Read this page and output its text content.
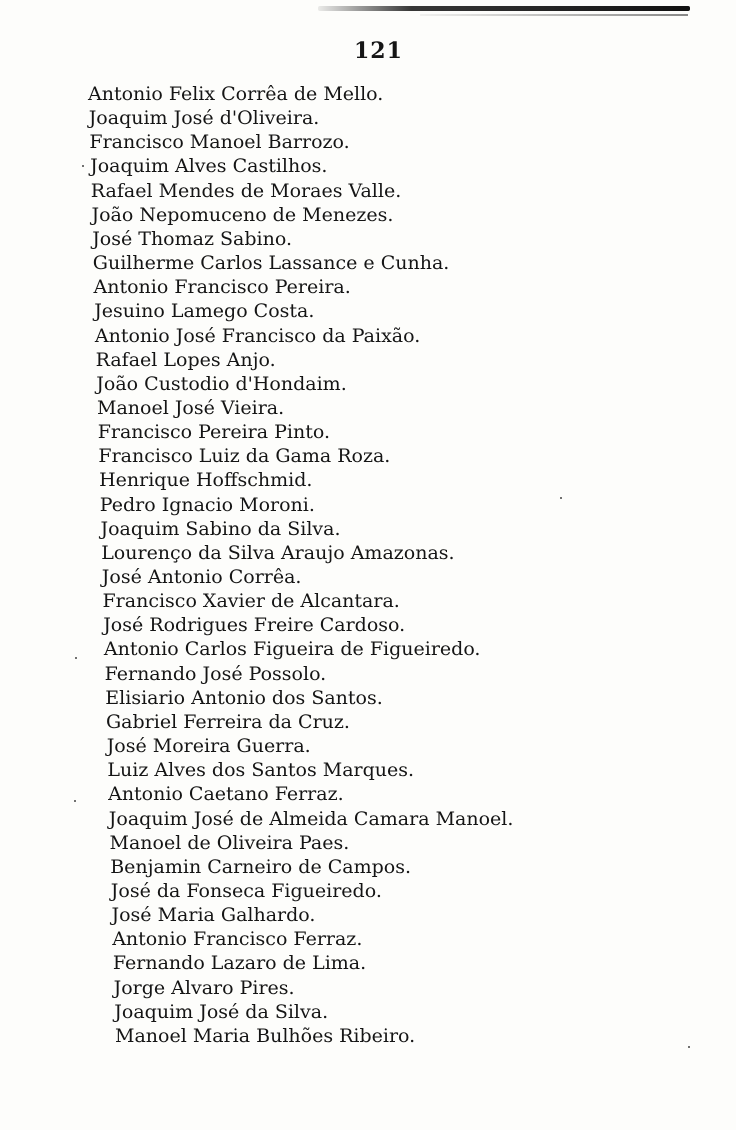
121
Antonio Felix Corrêa de Mello.
Joaquim José d'Oliveira.
Francisco Manoel Barrozo.
Joaquim Alves Castilhos.
Rafael Mendes de Moraes Valle.
João Nepomuceno de Menezes.
José Thomaz Sabino.
Guilherme Carlos Lassance e Cunha.
Antonio Francisco Pereira.
Jesuino Lamego Costa.
Antonio José Francisco da Paixão.
Rafael Lopes Anjo.
João Custodio d'Hondaim.
Manoel José Vieira.
Francisco Pereira Pinto.
Francisco Luiz da Gama Roza.
Henrique Hoffschmid.
Pedro Ignacio Moroni.
Joaquim Sabino da Silva.
Lourenço da Silva Araujo Amazonas.
José Antonio Corrêa.
Francisco Xavier de Alcantara.
José Rodrigues Freire Cardoso.
Antonio Carlos Figueira de Figueiredo.
Fernando José Possolo.
Elisiario Antonio dos Santos.
Gabriel Ferreira da Cruz.
José Moreira Guerra.
Luiz Alves dos Santos Marques.
Antonio Caetano Ferraz.
Joaquim José de Almeida Camara Manoel.
Manoel de Oliveira Paes.
Benjamin Carneiro de Campos.
José da Fonseca Figueiredo.
José Maria Galhardo.
Antonio Francisco Ferraz.
Fernando Lazaro de Lima.
Jorge Alvaro Pires.
Joaquim José da Silva.
Manoel Maria Bulhões Ribeiro.
